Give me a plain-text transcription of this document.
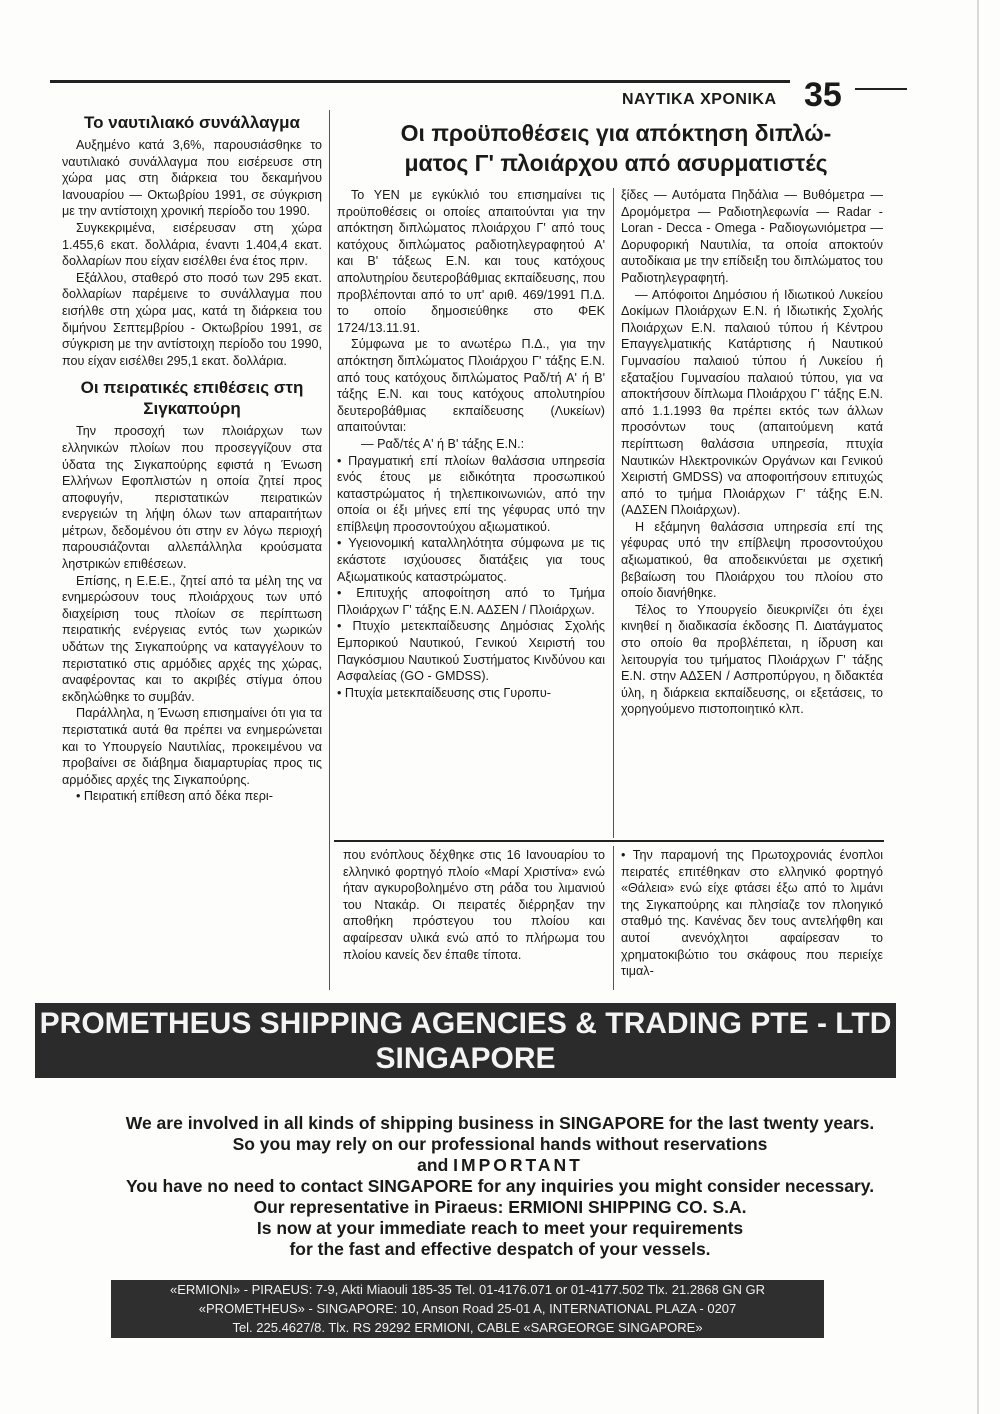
ΝΑΥΤΙΚΑ ΧΡΟΝΙΚΑ 35
Το ναυτιλιακό συνάλλαγμα

Αυξημένο κατά 3,6%, παρουσιάσθηκε το ναυτιλιακό συνάλλαγμα που εισέρευσε στη χώρα μας στη διάρκεια του δεκαμήνου Ιανουαρίου — Οκτωβρίου 1991, σε σύγκριση με την αντίστοιχη χρονική περίοδο του 1990.

Συγκεκριμένα, εισέρευσαν στη χώρα 1.455,6 εκατ. δολλάρια, έναντι 1.404,4 εκατ. δολλαρίων που είχαν εισέλθει ένα έτος πριν.

Εξάλλου, σταθερό στο ποσό των 295 εκατ. δολλαρίων παρέμεινε το συνάλλαγμα που εισήλθε στη χώρα μας, κατά τη διάρκεια του διμήνου Σεπτεμβρίου - Οκτωβρίου 1991, σε σύγκριση με την αντίστοιχη περίοδο του 1990, που είχαν εισέλθει 295,1 εκατ. δολλάρια.

Οι πειρατικές επιθέσεις στη Σιγκαπούρη

Την προσοχή των πλοιάρχων των ελληνικών πλοίων που προσεγγίζουν στα ύδατα της Σιγκαπούρης εφιστά η Ένωση Ελλήνων Εφοπλιστών η οποία ζητεί προς αποφυγήν, περιστατικών πειρατικών ενεργειών τη λήψη όλων των απαραιτήτων μέτρων, δεδομένου ότι στην εν λόγω περιοχή παρουσιάζονται αλλεπάλληλα κρούσματα ληστρικών επιθέσεων.

Επίσης, η Ε.Ε.Ε., ζητεί από τα μέλη της να ενημερώσουν τους πλοιάρχους των υπό διαχείριση τους πλοίων σε περίπτωση πειρατικής ενέργειας εντός των χωρικών υδάτων της Σιγκαπούρης να καταγγέλουν το περιστατικό στις αρμόδιες αρχές της χώρας, αναφέροντας και το ακριβές στίγμα όπου εκδηλώθηκε το συμβάν.

Παράλληλα, η Ένωση επισημαίνει ότι για τα περιστατικά αυτά θα πρέπει να ενημερώνεται και το Υπουργείο Ναυτιλίας, προκειμένου να προβαίνει σε διάβημα διαμαρτυρίας προς τις αρμόδιες αρχές της Σιγκαπούρης.

• Πειρατική επίθεση από δέκα περι-

Οι προϋποθέσεις για απόκτηση διπλώ-
ματος Γ' πλοιάρχου από ασυρματιστές

Το ΥΕΝ με εγκύκλιό του επισημαίνει τις προϋποθέσεις οι οποίες απαιτούνται για την απόκτηση διπλώματος πλοιάρχου Γ' από τους κατόχους διπλώματος ραδιοτηλεγραφητού Α' και Β' τάξεως Ε.Ν. και τους κατόχους απολυτηρίου δευτεροβάθμιας εκπαίδευσης, που προβλέπονται από το υπ' αριθ. 469/1991 Π.Δ. το οποίο δημοσιεύθηκε στο ΦΕΚ 1724/13.11.91.

Σύμφωνα με το ανωτέρω Π.Δ., για την απόκτηση διπλώματος Πλοιάρχου Γ' τάξης Ε.Ν. από τους κατόχους διπλώματος Ραδ/τή Α' ή Β' τάξης Ε.Ν. και τους κατόχους απολυτηρίου δευτεροβάθμιας εκπαίδευσης (Λυκείων) απαιτούνται:

— Ραδ/τές Α' ή Β' τάξης Ε.Ν.:

• Πραγματική επί πλοίων θαλάσσια υπηρεσία ενός έτους με ειδικότητα προσωπικού καταστρώματος ή τηλεπικοινωνιών, από την οποία οι έξι μήνες επί της γέφυρας υπό την επίβλεψη προσοντούχου αξιωματικού.

• Υγειονομική καταλληλότητα σύμφωνα με τις εκάστοτε ισχύουσες διατάξεις για τους Αξιωματικούς καταστρώματος.

• Επιτυχής αποφοίτηση από το Τμήμα Πλοιάρχων Γ' τάξης Ε.Ν. ΑΔΣΕΝ / Πλοιάρχων.

• Πτυχίο μετεκπαίδευσης Δημόσιας Σχολής Εμπορικού Ναυτικού, Γενικού Χειριστή του Παγκόσμιου Ναυτικού Συστήματος Κινδύνου και Ασφαλείας (GO - GMDSS).

• Πτυχία μετεκπαίδευσης στις Γυροπυ-

ξίδες — Αυτόματα Πηδάλια — Βυθόμετρα — Δρομόμετρα — Ραδιοτηλεφωνία — Radar - Loran - Decca - Omega - Ραδιογωνιόμετρα — Δορυφορική Ναυτιλία, τα οποία αποκτούν αυτοδίκαια με την επίδειξη του διπλώματος του Ραδιοτηλεγραφητή.

— Απόφοιτοι Δημόσιου ή Ιδιωτικού Λυκείου Δοκίμων Πλοιάρχων Ε.Ν. ή Ιδιωτικής Σχολής Πλοιάρχων Ε.Ν. παλαιού τύπου ή Κέντρου Επαγγελματικής Κατάρτισης ή Ναυτικού Γυμνασίου παλαιού τύπου ή Λυκείου ή εξαταξίου Γυμνασίου παλαιού τύπου, για να αποκτήσουν δίπλωμα Πλοιάρχου Γ' τάξης Ε.Ν. από 1.1.1993 θα πρέπει εκτός των άλλων προσόντων τους (απαιτούμενη κατά περίπτωση θαλάσσια υπηρεσία, πτυχία Ναυτικών Ηλεκτρονικών Οργάνων και Γενικού Χειριστή GMDSS) να αποφοιτήσουν επιτυχώς από το τμήμα Πλοιάρχων Γ' τάξης Ε.Ν. (ΑΔΣΕΝ Πλοιάρχων).

Η εξάμηνη θαλάσσια υπηρεσία επί της γέφυρας υπό την επίβλεψη προσοντούχου αξιωματικού, θα αποδεικνύεται με σχετική βεβαίωση του Πλοιάρχου του πλοίου στο οποίο διανήθηκε.

Τέλος το Υπουργείο διευκρινίζει ότι έχει κινηθεί η διαδικασία έκδοσης Π. Διατάγματος στο οποίο θα προβλέπεται, η ίδρυση και λειτουργία του τμήματος Πλοιάρχων Γ' τάξης Ε.Ν. στην ΑΔΣΕΝ / Ασπροπύργου, η διδακτέα ύλη, η διάρκεια εκπαίδευσης, οι εξετάσεις, το χορηγούμενο πιστοποιητικό κλπ.

που ενόπλους δέχθηκε στις 16 Ιανουαρίου το ελληνικό φορτηγό πλοίο «Μαρί Χριστίνα» ενώ ήταν αγκυροβολημένο στη ράδα του λιμανιού του Ντακάρ. Οι πειρατές διέρρηξαν την αποθήκη πρόστεγου του πλοίου και αφαίρεσαν υλικά ενώ από το πλήρωμα του πλοίου κανείς δεν έπαθε τίποτα.

• Την παραμονή της Πρωτοχρονιάς ένοπλοι πειρατές επιτέθηκαν στο ελληνικό φορτηγό «Θάλεια» ενώ είχε φτάσει έξω από το λιμάνι της Σιγκαπούρης και πλησίαζε τον πλοηγικό σταθμό της. Κανένας δεν τους αντελήφθη και αυτοί ανενόχλητοι αφαίρεσαν το χρηματοκιβώτιο του σκάφους που περιείχε τιμαλ-

PROMETHEUS SHIPPING AGENCIES & TRADING PTE - LTD
SINGAPORE
We are involved in all kinds of shipping business in SINGAPORE for the last twenty years.
So you may rely on our professional hands without reservations
and IMPORTANT
You have no need to contact SINGAPORE for any inquiries you might consider necessary.
Our representative in Piraeus: ERMIONI SHIPPING CO. S.A.
Is now at your immediate reach to meet your requirements
for the fast and effective despatch of your vessels.
«ERMIONI» - PIRAEUS: 7-9, Akti Miaouli 185-35 Tel. 01-4176.071 or 01-4177.502 Tlx. 21.2868 GN GR
«PROMETHEUS» - SINGAPORE: 10, Anson Road 25-01 A, INTERNATIONAL PLAZA - 0207
Tel. 225.4627/8. Tlx. RS 29292 ERMIONI, CABLE «SARGEORGE SINGAPORE»
